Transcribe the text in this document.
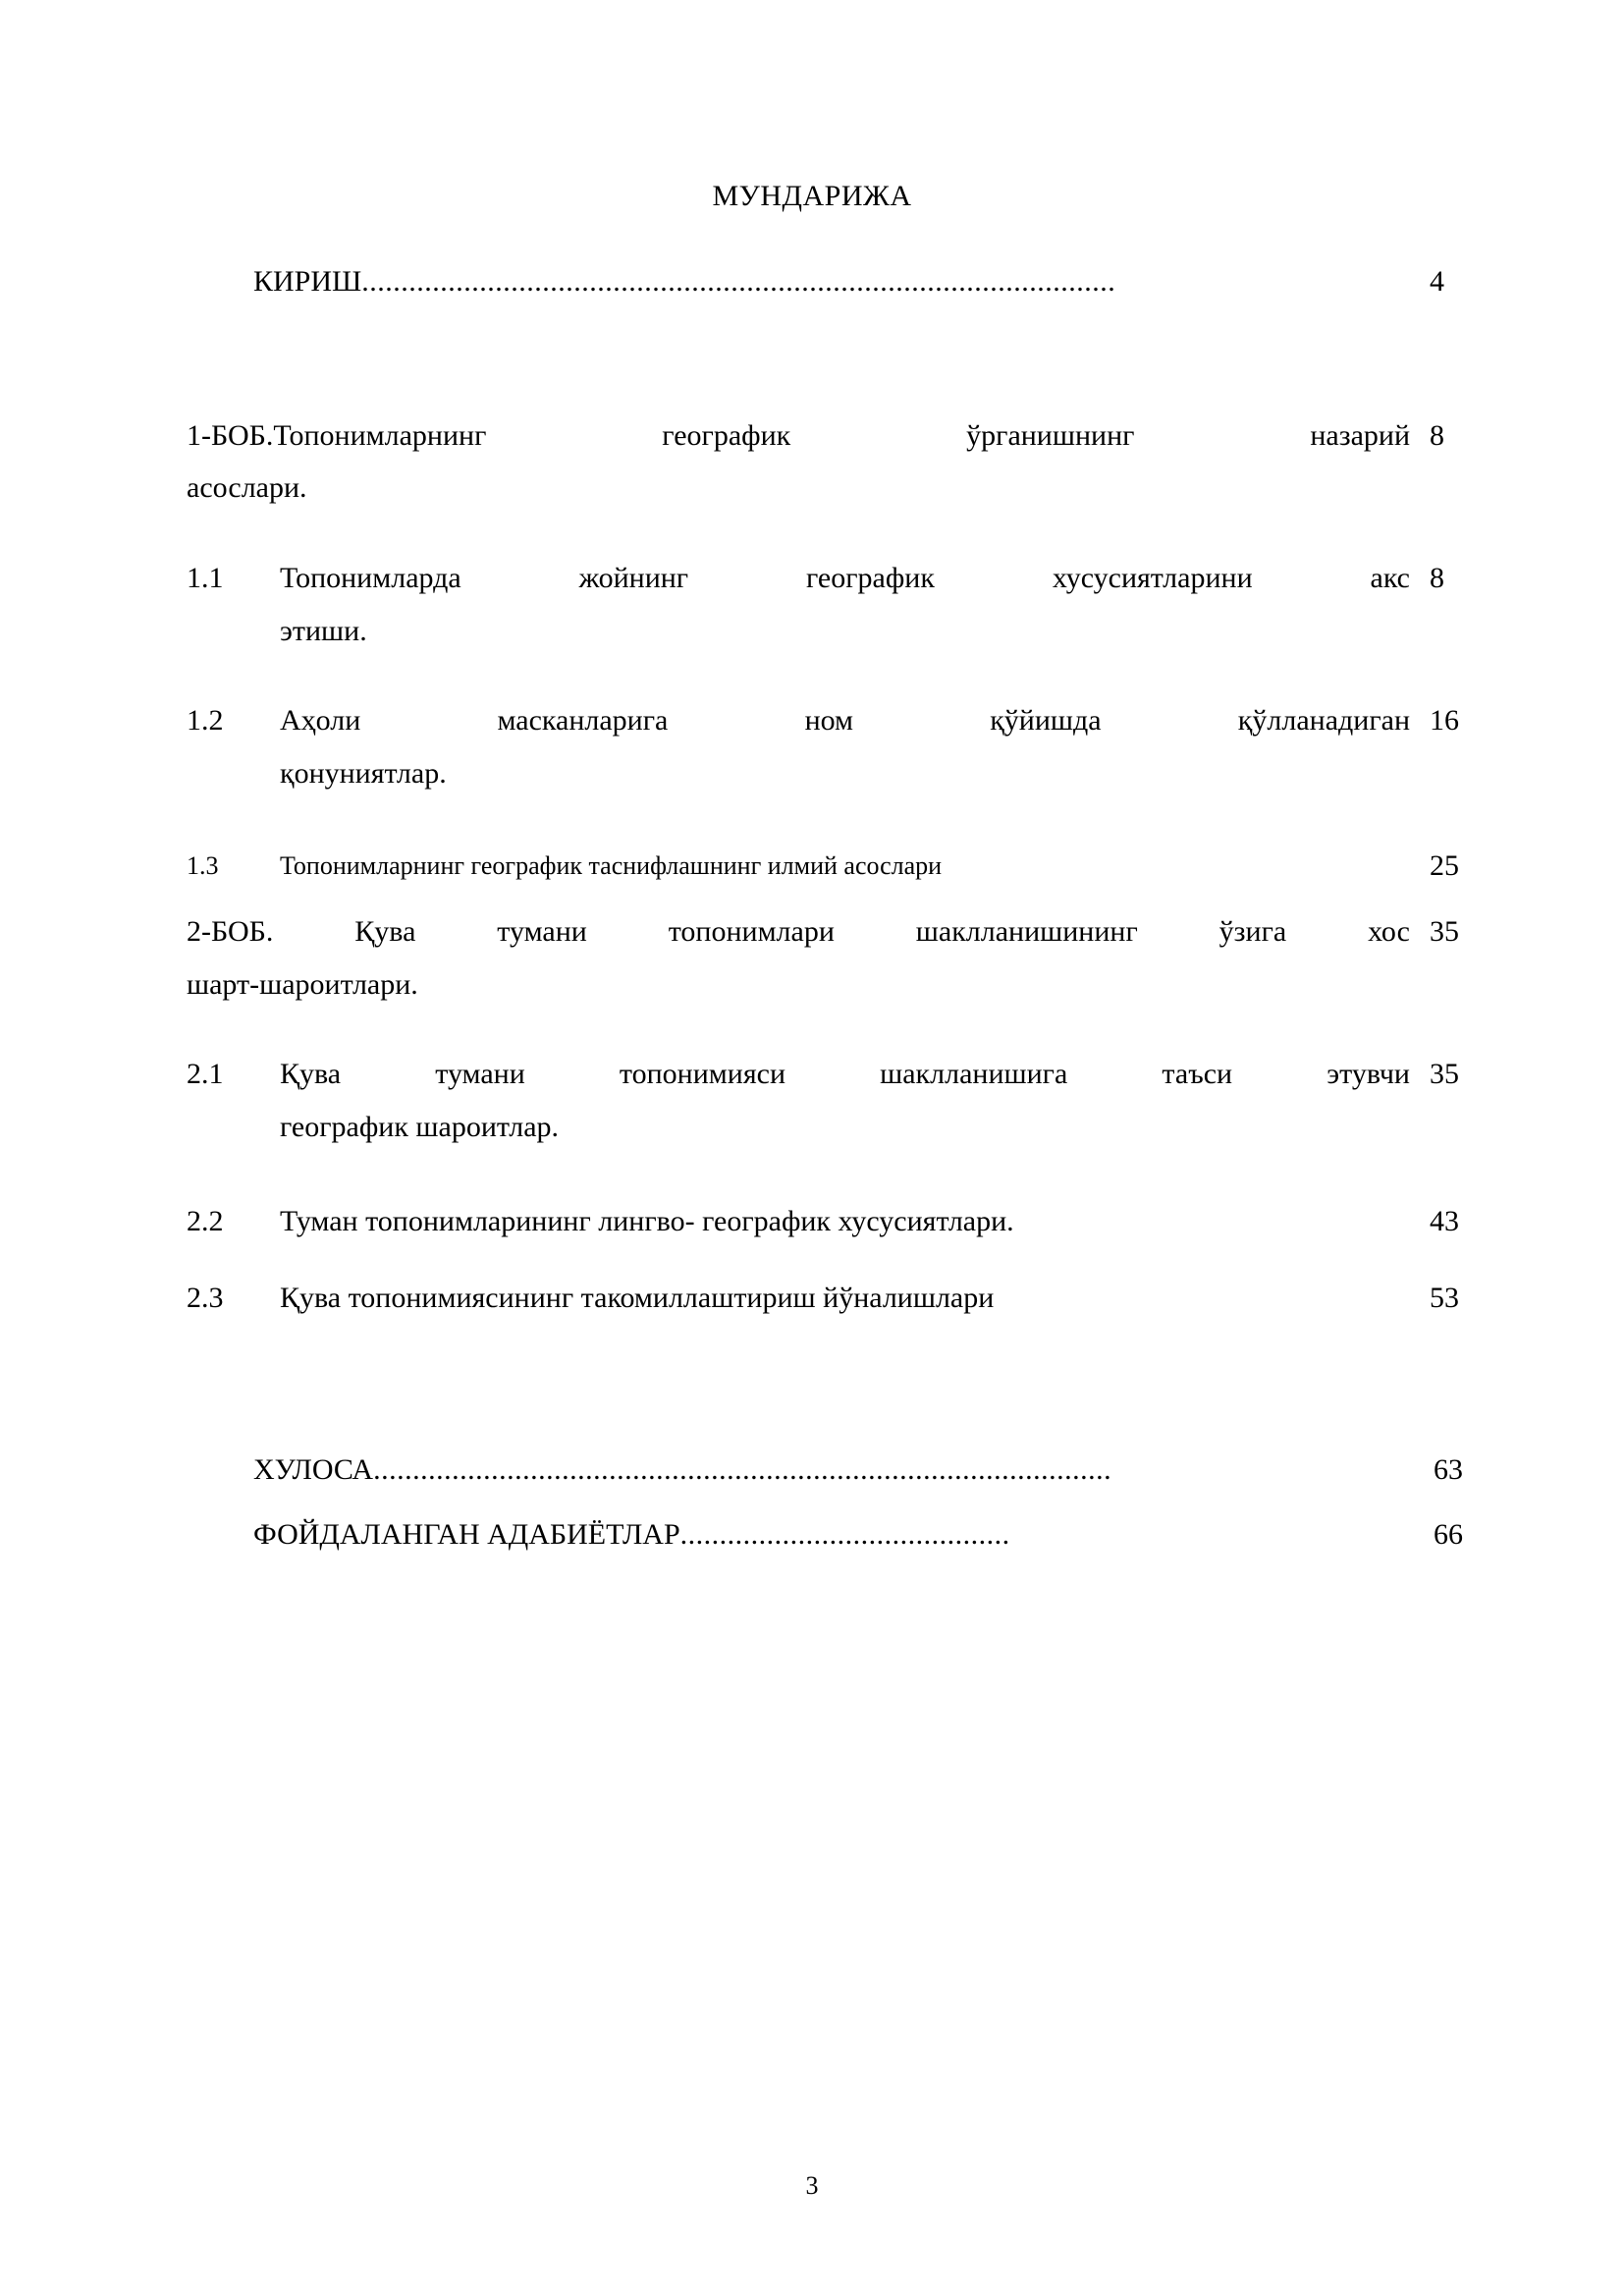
МУНДАРИЖА
КИРИШ ................................................................................................	4
1-БОБ.Топонимларнинг географик ўрганишнинг назарий 8
асослари.
1.1	Топонимларда жойнинг географик хусусиятларини акс 8
этиши.
1.2	Аҳоли масканларига ном қўйишда қўлланадиган 16
қонуниятлар.
1.3	Топонимларнинг географик таснифлашнинг илмий асослари	25
2-БОБ. Қува тумани топонимлари шаклланишининг ўзига хос 35
шарт-шароитлари.
2.1	Қува тумани топонимияси шаклланишига таъси этувчи 35
географик шароитлар.
2.2	Туман топонимларининг лингво- географик хусусиятлари.	43
2.3	Қува топонимиясининг такомиллаштириш йўналишлари	53
ХУЛОСА ..............................................................................................	63
ФОЙДАЛАНГАН АДАБИЁТЛАР ..........................................	66
3
